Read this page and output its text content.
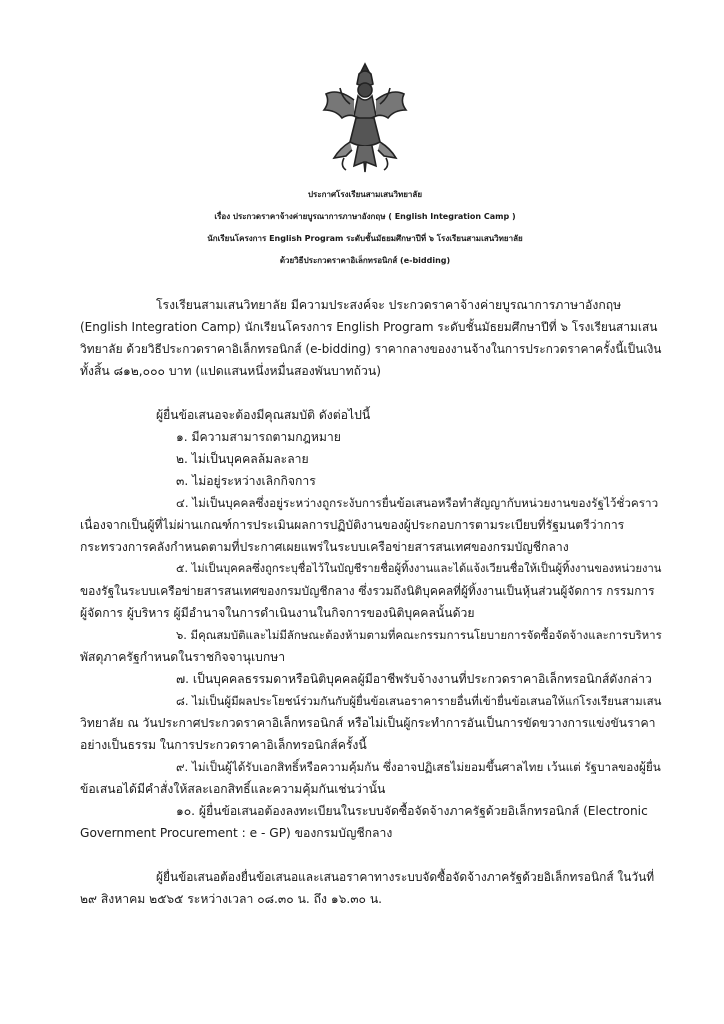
ประกาศโรงเรียนสามเสนวิทยาลัย
เรื่อง ประกวดราคาจ้างค่ายบูรณาการภาษาอังกฤษ ( English Integration Camp )
นักเรียนโครงการ English Program ระดับชั้นมัธยมศึกษาปีที่ ๖ โรงเรียนสามเสนวิทยาลัย
ด้วยวิธีประกวดราคาอิเล็กทรอนิกส์ (e-bidding)
โรงเรียนสามเสนวิทยาลัย มีความประสงค์จะ ประกวดราคาจ้างค่ายบูรณาการภาษาอังกฤษ
(English Integration Camp) นักเรียนโครงการ English Program ระดับชั้นมัธยมศึกษาปีที่ ๖ โรงเรียนสามเสน
วิทยาลัย ด้วยวิธีประกวดราคาอิเล็กทรอนิกส์ (e-bidding) ราคากลางของงานจ้างในการประกวดราคาครั้งนี้เป็นเงิน
ทั้งสิ้น ๘๑๒,๐๐๐ บาท (แปดแสนหนึ่งหมื่นสองพันบาทถ้วน)
ผู้ยื่นข้อเสนอจะต้องมีคุณสมบัติ ดังต่อไปนี้
๑. มีความสามารถตามกฎหมาย
๒. ไม่เป็นบุคคลล้มละลาย
๓. ไม่อยู่ระหว่างเลิกกิจการ
๔. ไม่เป็นบุคคลซึ่งอยู่ระหว่างถูกระงับการยื่นข้อเสนอหรือทำสัญญากับหน่วยงานของรัฐไว้ชั่วคราว
เนื่องจากเป็นผู้ที่ไม่ผ่านเกณฑ์การประเมินผลการปฏิบัติงานของผู้ประกอบการตามระเบียบที่รัฐมนตรีว่าการ
กระทรวงการคลังกำหนดตามที่ประกาศเผยแพร่ในระบบเครือข่ายสารสนเทศของกรมบัญชีกลาง
๕. ไม่เป็นบุคคลซึ่งถูกระบุชื่อไว้ในบัญชีรายชื่อผู้ทิ้งงานและได้แจ้งเวียนชื่อให้เป็นผู้ทิ้งงานของหน่วยงาน
ของรัฐในระบบเครือข่ายสารสนเทศของกรมบัญชีกลาง ซึ่งรวมถึงนิติบุคคลที่ผู้ทิ้งงานเป็นหุ้นส่วนผู้จัดการ กรรมการ
ผู้จัดการ ผู้บริหาร ผู้มีอำนาจในการดำเนินงานในกิจการของนิติบุคคลนั้นด้วย
๖. มีคุณสมบัติและไม่มีลักษณะต้องห้ามตามที่คณะกรรมการนโยบายการจัดซื้อจัดจ้างและการบริหาร
พัสดุภาครัฐกำหนดในราชกิจจานุเบกษา
๗. เป็นบุคคลธรรมดาหรือนิติบุคคลผู้มีอาชีพรับจ้างงานที่ประกวดราคาอิเล็กทรอนิกส์ดังกล่าว
๘. ไม่เป็นผู้มีผลประโยชน์ร่วมกันกับผู้ยื่นข้อเสนอราคารายอื่นที่เข้ายื่นข้อเสนอให้แก่โรงเรียนสามเสน
วิทยาลัย ณ วันประกาศประกวดราคาอิเล็กทรอนิกส์ หรือไม่เป็นผู้กระทำการอันเป็นการขัดขวางการแข่งขันราคา
อย่างเป็นธรรม ในการประกวดราคาอิเล็กทรอนิกส์ครั้งนี้
๙. ไม่เป็นผู้ได้รับเอกสิทธิ์หรือความคุ้มกัน ซึ่งอาจปฏิเสธไม่ยอมขึ้นศาลไทย เว้นแต่ รัฐบาลของผู้ยื่น
ข้อเสนอได้มีคำสั่งให้สละเอกสิทธิ์และความคุ้มกันเช่นว่านั้น
๑๐. ผู้ยื่นข้อเสนอต้องลงทะเบียนในระบบจัดซื้อจัดจ้างภาครัฐด้วยอิเล็กทรอนิกส์ (Electronic
Government Procurement : e - GP) ของกรมบัญชีกลาง
ผู้ยื่นข้อเสนอต้องยื่นข้อเสนอและเสนอราคาทางระบบจัดซื้อจัดจ้างภาครัฐด้วยอิเล็กทรอนิกส์ ในวันที่
๒๙ สิงหาคม ๒๕๖๕ ระหว่างเวลา ๐๘.๓๐ น. ถึง ๑๖.๓๐ น.
